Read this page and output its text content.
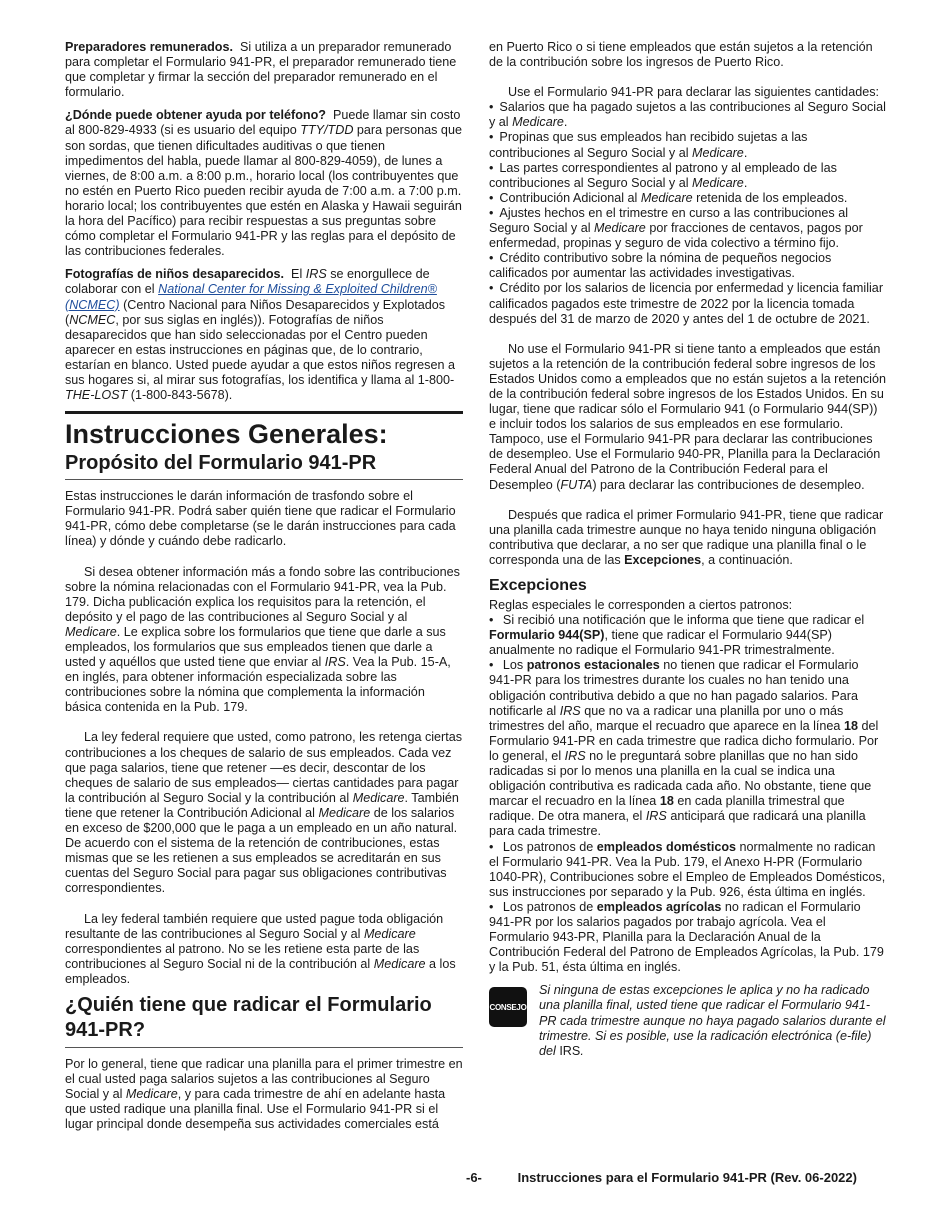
Preparadores remunerados. Si utiliza a un preparador remunerado para completar el Formulario 941-PR, el preparador remunerado tiene que completar y firmar la sección del preparador remunerado en el formulario.

¿Dónde puede obtener ayuda por teléfono? Puede llamar sin costo al 800-829-4933 (si es usuario del equipo TTY/TDD para personas que son sordas, que tienen dificultades auditivas o que tienen impedimentos del habla, puede llamar al 800-829-4059), de lunes a viernes, de 8:00 a.m. a 8:00 p.m., horario local (los contribuyentes que no estén en Puerto Rico pueden recibir ayuda de 7:00 a.m. a 7:00 p.m. horario local; los contribuyentes que estén en Alaska y Hawaii seguirán la hora del Pacífico) para recibir respuestas a sus preguntas sobre cómo completar el Formulario 941-PR y las reglas para el depósito de las contribuciones federales.

Fotografías de niños desaparecidos. El IRS se enorgullece de colaborar con el National Center for Missing & Exploited Children® (NCMEC) (Centro Nacional para Niños Desaparecidos y Explotados (NCMEC, por sus siglas en inglés)). Fotografías de niños desaparecidos que han sido seleccionadas por el Centro pueden aparecer en estas instrucciones en páginas que, de lo contrario, estarían en blanco. Usted puede ayudar a que estos niños regresen a sus hogares si, al mirar sus fotografías, los identifica y llama al 1-800-THE-LOST (1-800-843-5678).

Instrucciones Generales:
Propósito del Formulario 941-PR

Estas instrucciones le darán información de trasfondo sobre el Formulario 941-PR. Podrá saber quién tiene que radicar el Formulario 941-PR, cómo debe completarse (se le darán instrucciones para cada línea) y dónde y cuándo debe radicarlo.

Si desea obtener información más a fondo sobre las contribuciones sobre la nómina relacionadas con el Formulario 941-PR, vea la Pub. 179. Dicha publicación explica los requisitos para la retención, el depósito y el pago de las contribuciones al Seguro Social y al Medicare. Le explica sobre los formularios que tiene que darle a sus empleados, los formularios que sus empleados tienen que darle a usted y aquéllos que usted tiene que enviar al IRS. Vea la Pub. 15-A, en inglés, para obtener información especializada sobre las contribuciones sobre la nómina que complementa la información básica contenida en la Pub. 179.

La ley federal requiere que usted, como patrono, les retenga ciertas contribuciones a los cheques de salario de sus empleados. Cada vez que paga salarios, tiene que retener —es decir, descontar de los cheques de salario de sus empleados— ciertas cantidades para pagar la contribución al Seguro Social y la contribución al Medicare. También tiene que retener la Contribución Adicional al Medicare de los salarios en exceso de $200,000 que le paga a un empleado en un año natural. De acuerdo con el sistema de la retención de contribuciones, estas mismas que se les retienen a sus empleados se acreditarán en sus cuentas del Seguro Social para pagar sus obligaciones contributivas correspondientes.

La ley federal también requiere que usted pague toda obligación resultante de las contribuciones al Seguro Social y al Medicare correspondientes al patrono. No se les retiene esta parte de las contribuciones al Seguro Social ni de la contribución al Medicare a los empleados.

¿Quién tiene que radicar el Formulario 941-PR?

Por lo general, tiene que radicar una planilla para el primer trimestre en el cual usted paga salarios sujetos a las contribuciones al Seguro Social y al Medicare, y para cada trimestre de ahí en adelante hasta que usted radique una planilla final. Use el Formulario 941-PR si el lugar principal donde desempeña sus actividades comerciales está

en Puerto Rico o si tiene empleados que están sujetos a la retención de la contribución sobre los ingresos de Puerto Rico.

Use el Formulario 941-PR para declarar las siguientes cantidades:

• Salarios que ha pagado sujetos a las contribuciones al Seguro Social y al Medicare.

• Propinas que sus empleados han recibido sujetas a las contribuciones al Seguro Social y al Medicare.

• Las partes correspondientes al patrono y al empleado de las contribuciones al Seguro Social y al Medicare.

• Contribución Adicional al Medicare retenida de los empleados.

• Ajustes hechos en el trimestre en curso a las contribuciones al Seguro Social y al Medicare por fracciones de centavos, pagos por enfermedad, propinas y seguro de vida colectivo a término fijo.

• Crédito contributivo sobre la nómina de pequeños negocios calificados por aumentar las actividades investigativas.

• Crédito por los salarios de licencia por enfermedad y licencia familiar calificados pagados este trimestre de 2022 por la licencia tomada después del 31 de marzo de 2020 y antes del 1 de octubre de 2021.

No use el Formulario 941-PR si tiene tanto a empleados que están sujetos a la retención de la contribución federal sobre ingresos de los Estados Unidos como a empleados que no están sujetos a la retención de la contribución federal sobre ingresos de los Estados Unidos. En su lugar, tiene que radicar sólo el Formulario 941 (o Formulario 944(SP)) e incluir todos los salarios de sus empleados en ese formulario. Tampoco, use el Formulario 941-PR para declarar las contribuciones de desempleo. Use el Formulario 940-PR, Planilla para la Declaración Federal Anual del Patrono de la Contribución Federal para el Desempleo (FUTA) para declarar las contribuciones de desempleo.

Después que radica el primer Formulario 941-PR, tiene que radicar una planilla cada trimestre aunque no haya tenido ninguna obligación contributiva que declarar, a no ser que radique una planilla final o le corresponda una de las Excepciones, a continuación.

Excepciones

Reglas especiales le corresponden a ciertos patronos:

• Si recibió una notificación que le informa que tiene que radicar el Formulario 944(SP), tiene que radicar el Formulario 944(SP) anualmente no radique el Formulario 941-PR trimestralmente.

• Los patronos estacionales no tienen que radicar el Formulario 941-PR para los trimestres durante los cuales no han tenido una obligación contributiva debido a que no han pagado salarios. Para notificarle al IRS que no va a radicar una planilla por uno o más trimestres del año, marque el recuadro que aparece en la línea 18 del Formulario 941-PR en cada trimestre que radica dicho formulario. Por lo general, el IRS no le preguntará sobre planillas que no han sido radicadas si por lo menos una planilla en la cual se indica una obligación contributiva es radicada cada año. No obstante, tiene que marcar el recuadro en la línea 18 en cada planilla trimestral que radique. De otra manera, el IRS anticipará que radicará una planilla para cada trimestre.

• Los patronos de empleados domésticos normalmente no radican el Formulario 941-PR. Vea la Pub. 179, el Anexo H-PR (Formulario 1040-PR), Contribuciones sobre el Empleo de Empleados Domésticos, sus instrucciones por separado y la Pub. 926, ésta última en inglés.

• Los patronos de empleados agrícolas no radican el Formulario 941-PR por los salarios pagados por trabajo agrícola. Vea el Formulario 943-PR, Planilla para la Declaración Anual de la Contribución Federal del Patrono de Empleados Agrícolas, la Pub. 179 y la Pub. 51, ésta última en inglés.

CONSEJO
Si ninguna de estas excepciones le aplica y no ha radicado una planilla final, usted tiene que radicar el Formulario 941-PR cada trimestre aunque no haya pagado salarios durante el trimestre. Si es posible, use la radicación electrónica (e-file) del IRS.
-6-	Instrucciones para el Formulario 941-PR (Rev. 06-2022)
